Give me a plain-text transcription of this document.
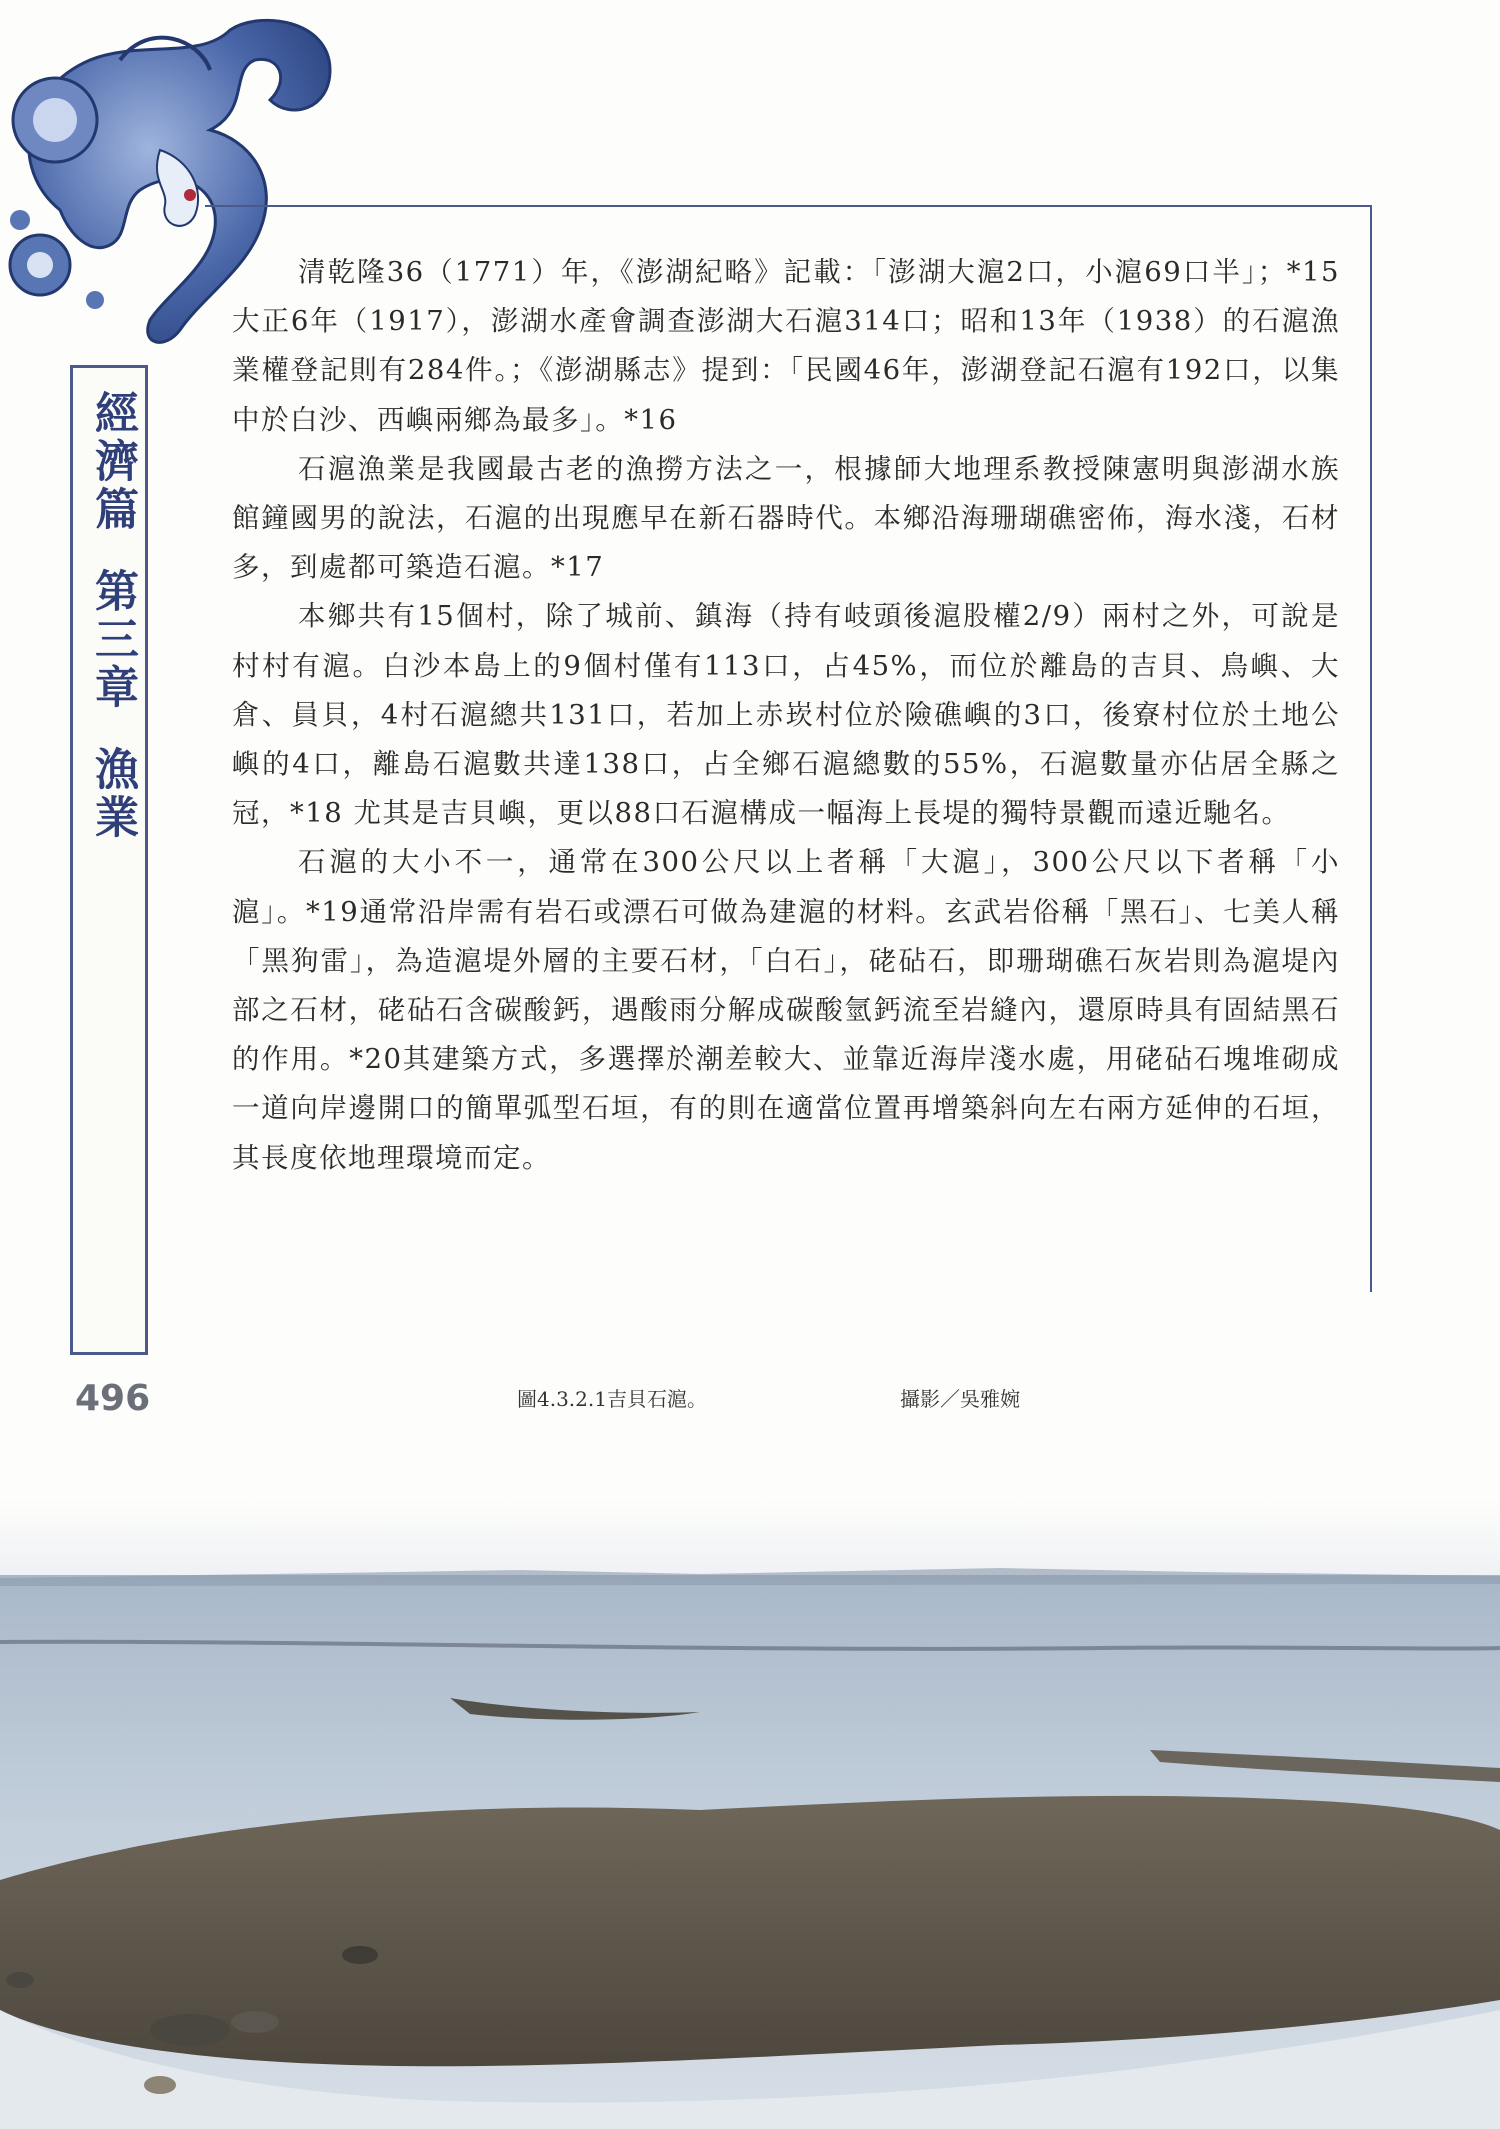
經濟篇
第三章
漁業

清乾隆36（1771）年，《澎湖紀略》記載：「澎湖大滬2口，小滬69口半」；*15大正6年（1917），澎湖水產會調查澎湖大石滬314口；昭和13年（1938）的石滬漁業權登記則有284件。；《澎湖縣志》提到：「民國46年，澎湖登記石滬有192口，以集中於白沙、西嶼兩鄉為最多」。*16

石滬漁業是我國最古老的漁撈方法之一，根據師大地理系教授陳憲明與澎湖水族館鐘國男的說法，石滬的出現應早在新石器時代。本鄉沿海珊瑚礁密佈，海水淺，石材多，到處都可築造石滬。*17

本鄉共有15個村，除了城前、鎮海（持有岐頭後滬股權2/9）兩村之外，可說是村村有滬。白沙本島上的9個村僅有113口，占45%，而位於離島的吉貝、鳥嶼、大倉、員貝，4村石滬總共131口，若加上赤崁村位於險礁嶼的3口，後寮村位於土地公嶼的4口，離島石滬數共達138口，占全鄉石滬總數的55%，石滬數量亦佔居全縣之冠，*18 尤其是吉貝嶼，更以88口石滬構成一幅海上長堤的獨特景觀而遠近馳名。

石滬的大小不一，通常在300公尺以上者稱「大滬」，300公尺以下者稱「小滬」。*19通常沿岸需有岩石或漂石可做為建滬的材料。玄武岩俗稱「黑石」、七美人稱「黑狗雷」，為造滬堤外層的主要石材，「白石」，硓砧石，即珊瑚礁石灰岩則為滬堤內部之石材，硓砧石含碳酸鈣，遇酸雨分解成碳酸氫鈣流至岩縫內，還原時具有固結黑石的作用。*20其建築方式，多選擇於潮差較大、並靠近海岸淺水處，用硓砧石塊堆砌成一道向岸邊開口的簡單弧型石垣，有的則在適當位置再增築斜向左右兩方延伸的石垣，其長度依地理環境而定。

496	圖4.3.2.1吉貝石滬。	攝影／吳雅婉
